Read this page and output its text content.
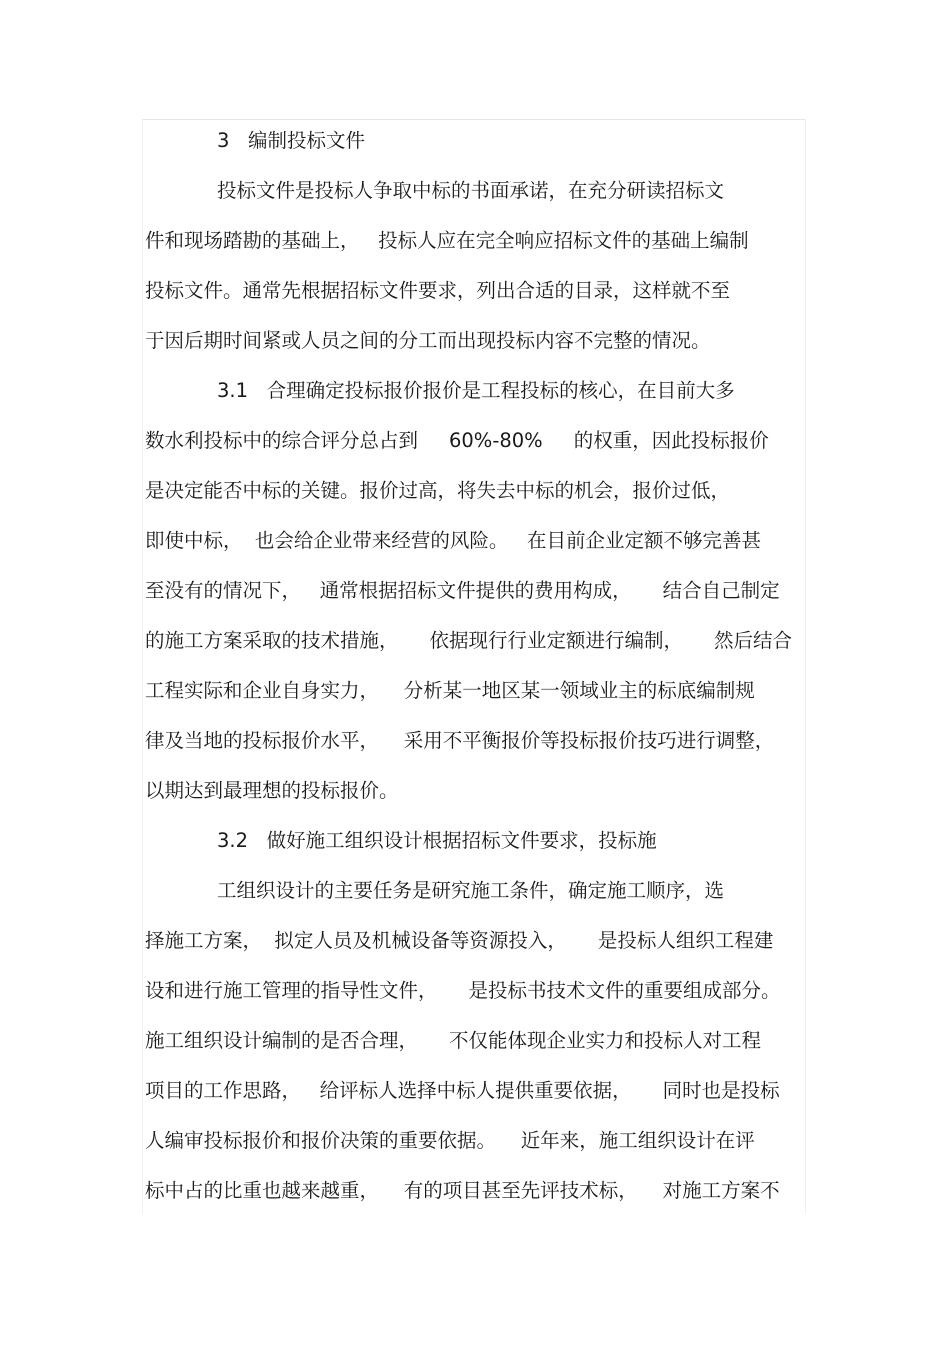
3   编制投标文件
投标文件是投标人争取中标的书面承诺，在充分研读招标文
件和现场踏勘的基础上，   投标人应在完全响应招标文件的基础上编制
投标文件。通常先根据招标文件要求，列出合适的目录，这样就不至
于因后期时间紧或人员之间的分工而出现投标内容不完整的情况。
3.1   合理确定投标报价报价是工程投标的核心，在目前大多
数水利投标中的综合评分总占到     60%-80%     的权重，因此投标报价
是决定能否中标的关键。报价过高，将失去中标的机会，报价过低，
即使中标，  也会给企业带来经营的风险。   在目前企业定额不够完善甚
至没有的情况下，   通常根据招标文件提供的费用构成，     结合自己制定
的施工方案采取的技术措施，     依据现行行业定额进行编制，     然后结合
工程实际和企业自身实力，    分析某一地区某一领域业主的标底编制规
律及当地的投标报价水平，    采用不平衡报价等投标报价技巧进行调整，
以期达到最理想的投标报价。
3.2   做好施工组织设计根据招标文件要求，投标施
工组织设计的主要任务是研究施工条件，确定施工顺序，选
择施工方案，  拟定人员及机械设备等资源投入，     是投标人组织工程建
设和进行施工管理的指导性文件，     是投标书技术文件的重要组成部分。
施工组织设计编制的是否合理，     不仅能体现企业实力和投标人对工程
项目的工作思路，   给评标人选择中标人提供重要依据，     同时也是投标
人编审投标报价和报价决策的重要依据。    近年来，施工组织设计在评
标中占的比重也越来越重，    有的项目甚至先评技术标，    对施工方案不
